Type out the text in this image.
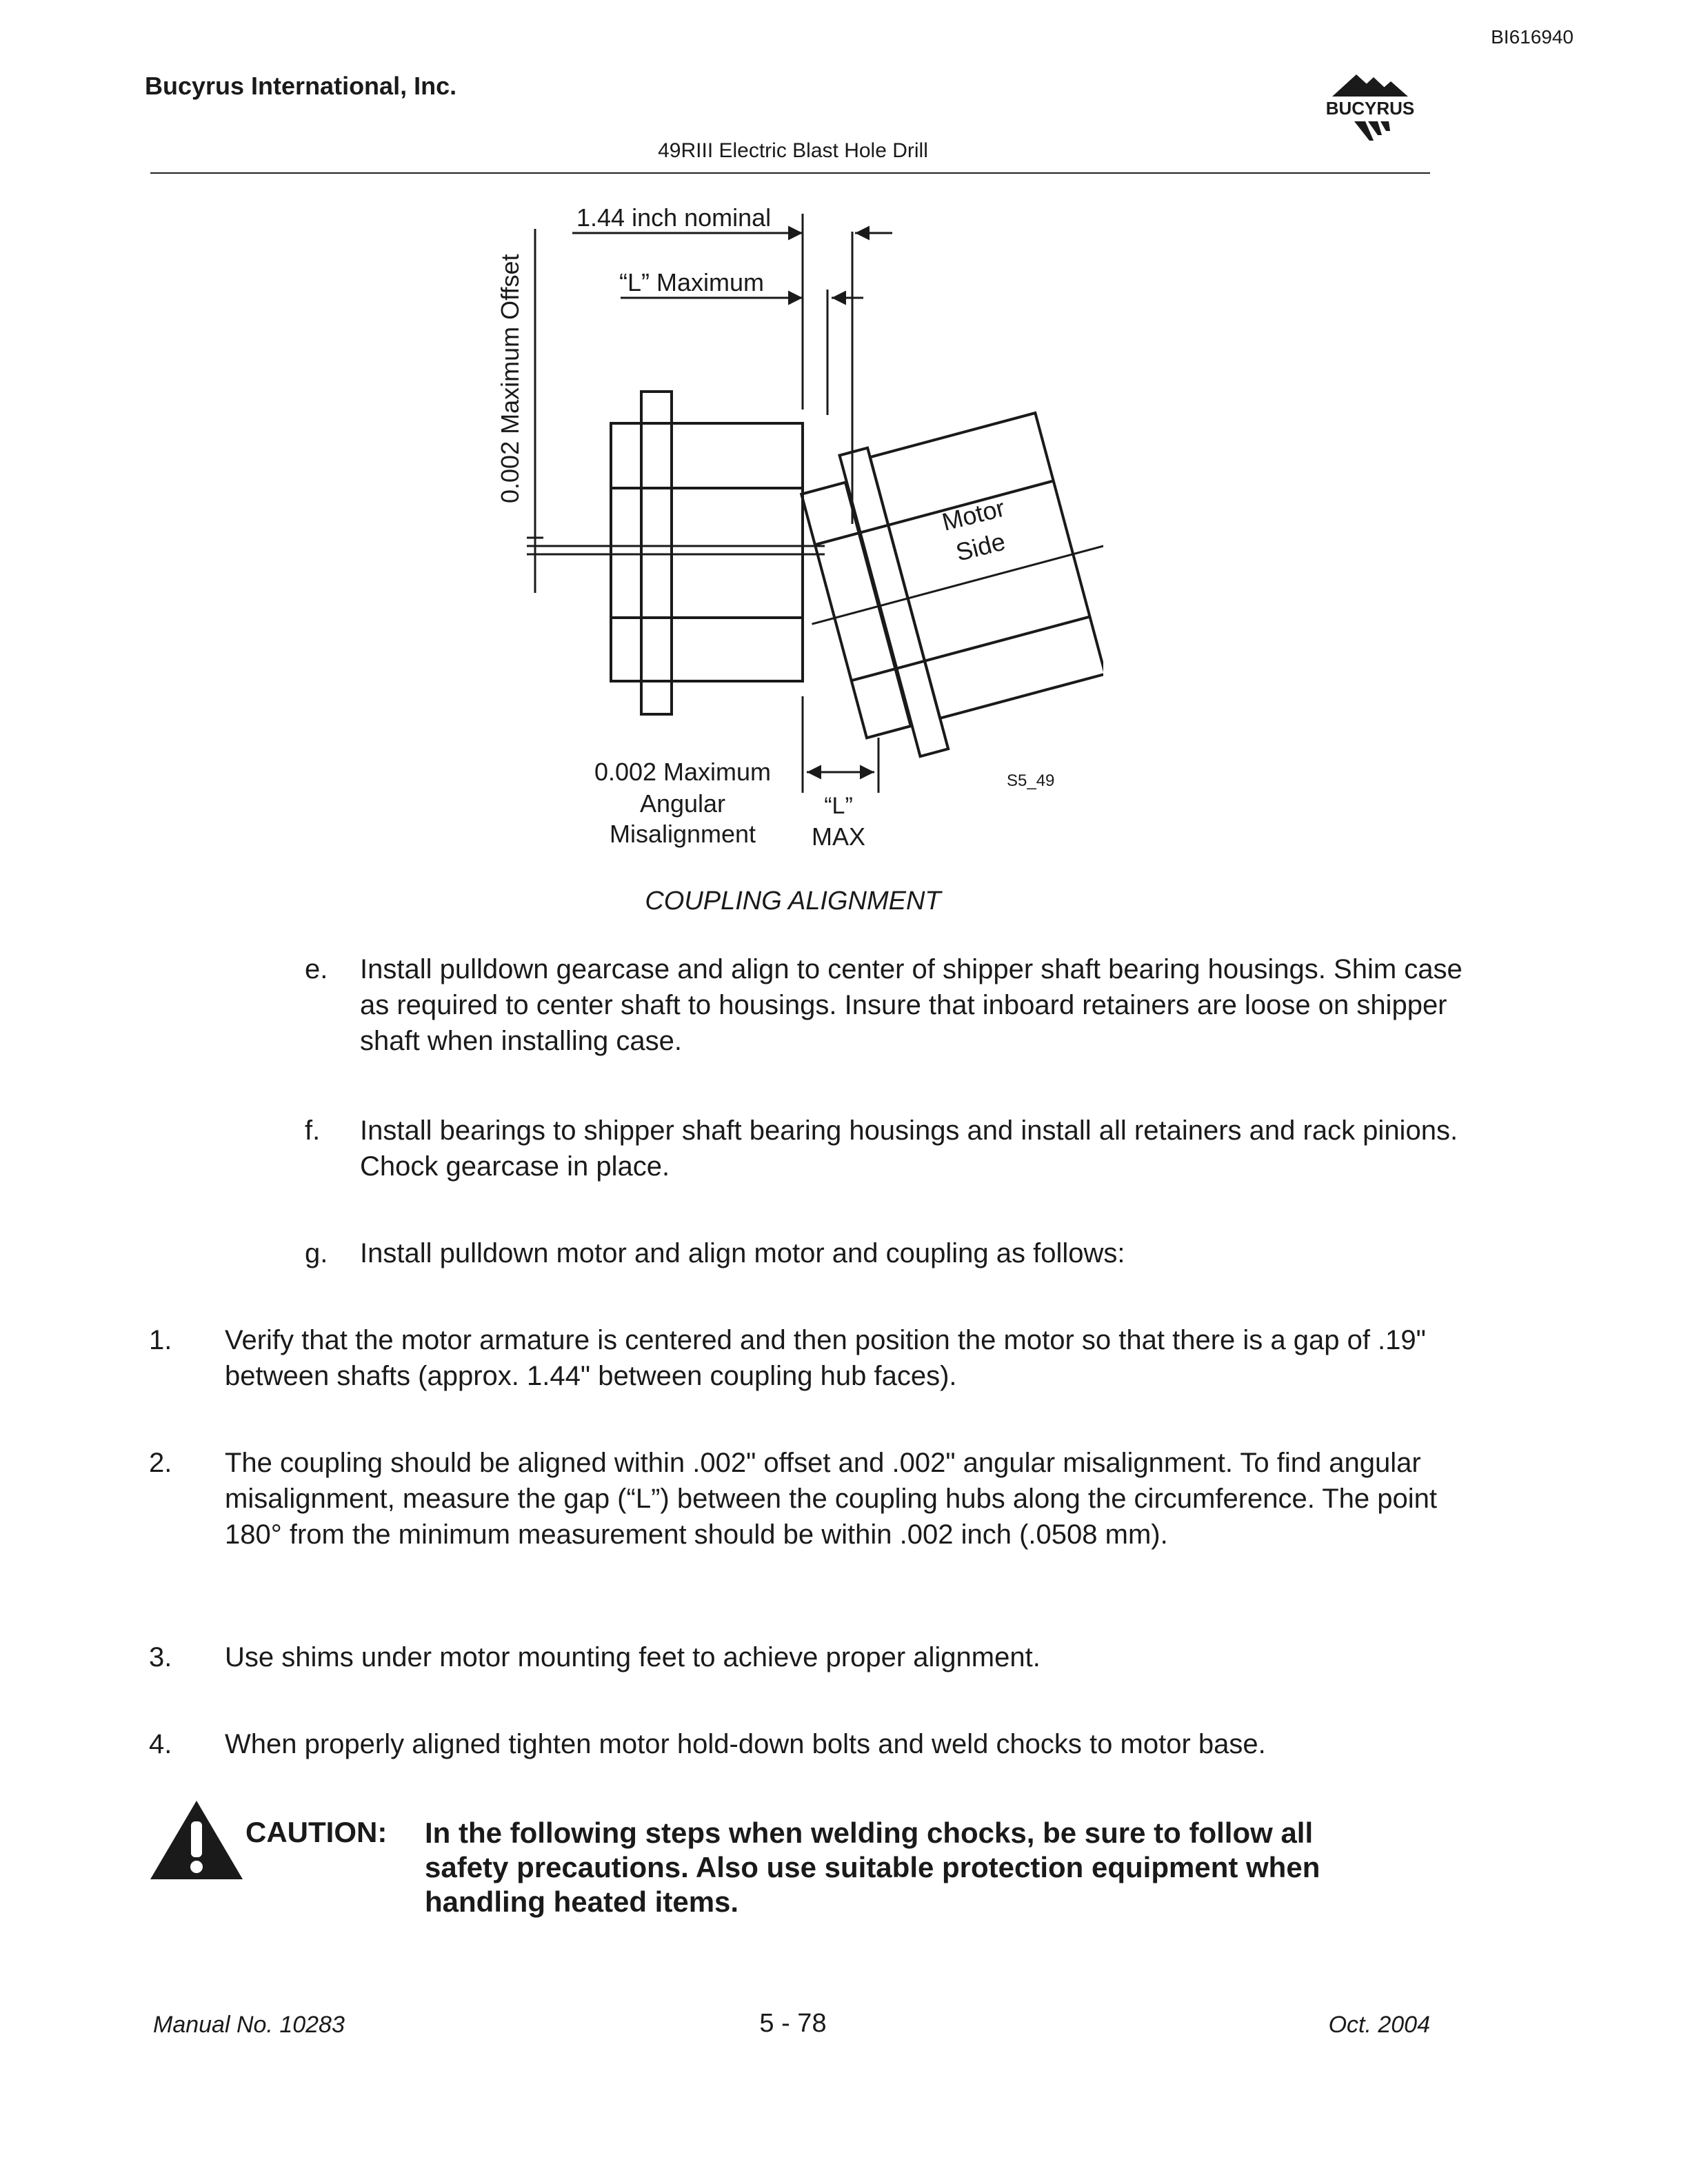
BI616940
Bucyrus International, Inc.
BUCYRUS
49RIII Electric Blast Hole Drill
1.44 inch nominal
“L” Maximum
0.002 Maximum Offset
Motor
Side
0.002 Maximum
Angular
Misalignment
“L”
MAX
S5_49
COUPLING ALIGNMENT
e. Install pulldown gearcase and align to center of shipper shaft bearing housings. Shim case as required to center shaft to housings. Insure that inboard retainers are loose on shipper shaft when installing case.
f. Install bearings to shipper shaft bearing housings and install all retainers and rack pinions. Chock gearcase in place.
g. Install pulldown motor and align motor and coupling as follows:
1. Verify that the motor armature is centered and then position the motor so that there is a gap of .19" between shafts (approx. 1.44" between coupling hub faces).
2. The coupling should be aligned within .002" offset and .002" angular misalignment. To find angular misalignment, measure the gap (“L”) between the coupling hubs along the circumference. The point 180° from the minimum measurement should be within .002 inch (.0508 mm).
3. Use shims under motor mounting feet to achieve proper alignment.
4. When properly aligned tighten motor hold-down bolts and weld chocks to motor base.
CAUTION: In the following steps when welding chocks, be sure to follow all safety precautions. Also use suitable protection equipment when handling heated items.
Manual No. 10283	5 - 78	Oct. 2004
